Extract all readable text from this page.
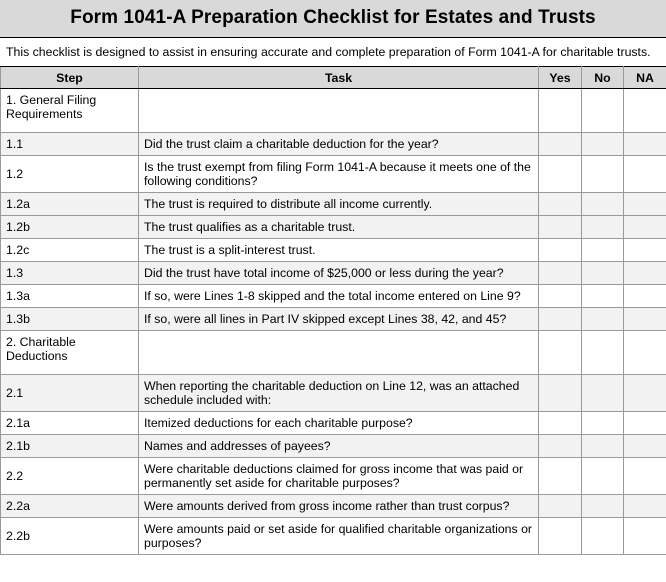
Form 1041-A Preparation Checklist for Estates and Trusts
This checklist is designed to assist in ensuring accurate and complete preparation of Form 1041-A for charitable trusts.
Step	Task	Yes	No	NA
1. General Filing Requirements				
1.1	Did the trust claim a charitable deduction for the year?			
1.2	Is the trust exempt from filing Form 1041-A because it meets one of the following conditions?			
1.2a	The trust is required to distribute all income currently.			
1.2b	The trust qualifies as a charitable trust.			
1.2c	The trust is a split-interest trust.			
1.3	Did the trust have total income of $25,000 or less during the year?			
1.3a	If so, were Lines 1-8 skipped and the total income entered on Line 9?			
1.3b	If so, were all lines in Part IV skipped except Lines 38, 42, and 45?			
2. Charitable Deductions				
2.1	When reporting the charitable deduction on Line 12, was an attached schedule included with:			
2.1a	Itemized deductions for each charitable purpose?			
2.1b	Names and addresses of payees?			
2.2	Were charitable deductions claimed for gross income that was paid or permanently set aside for charitable purposes?			
2.2a	Were amounts derived from gross income rather than trust corpus?			
2.2b	Were amounts paid or set aside for qualified charitable organizations or purposes?			
